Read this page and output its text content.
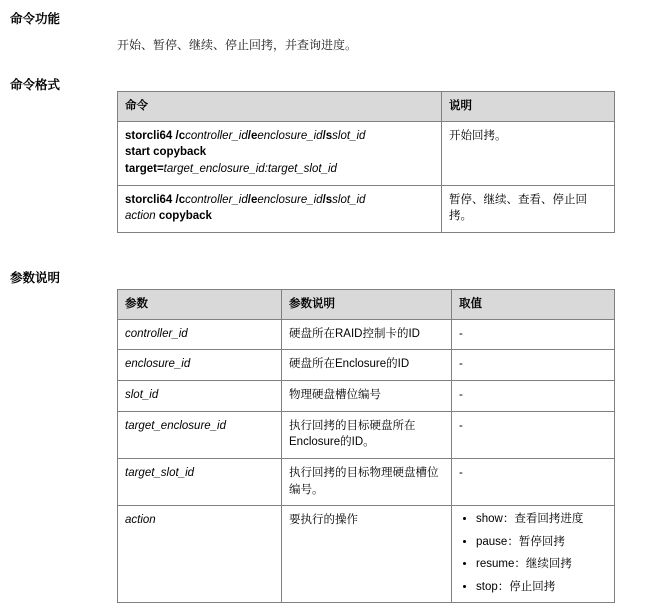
命令功能
开始、暂停、继续、停止回拷，并查询进度。
命令格式
命令	说明

storcli64 /ccontroller_id/eenclosure_id/sslot_id
start copyback
target=target_enclosure_id:target_slot_id	开始回拷。

storcli64 /ccontroller_id/eenclosure_id/sslot_id
action copyback	暂停、继续、查看、停止回拷。
参数说明
参数	参数说明	取值
controller_id	硬盘所在RAID控制卡的ID	-
enclosure_id	硬盘所在Enclosure的ID	-
slot_id	物理硬盘槽位编号	-
target_enclosure_id	执行回拷的目标硬盘所在Enclosure的ID。	-
target_slot_id	执行回拷的目标物理硬盘槽位编号。	-
action	要执行的操作	
•show：查看回拷进度
• pause：暂停回拷
• resume：继续回拷
• stop：停止回拷
